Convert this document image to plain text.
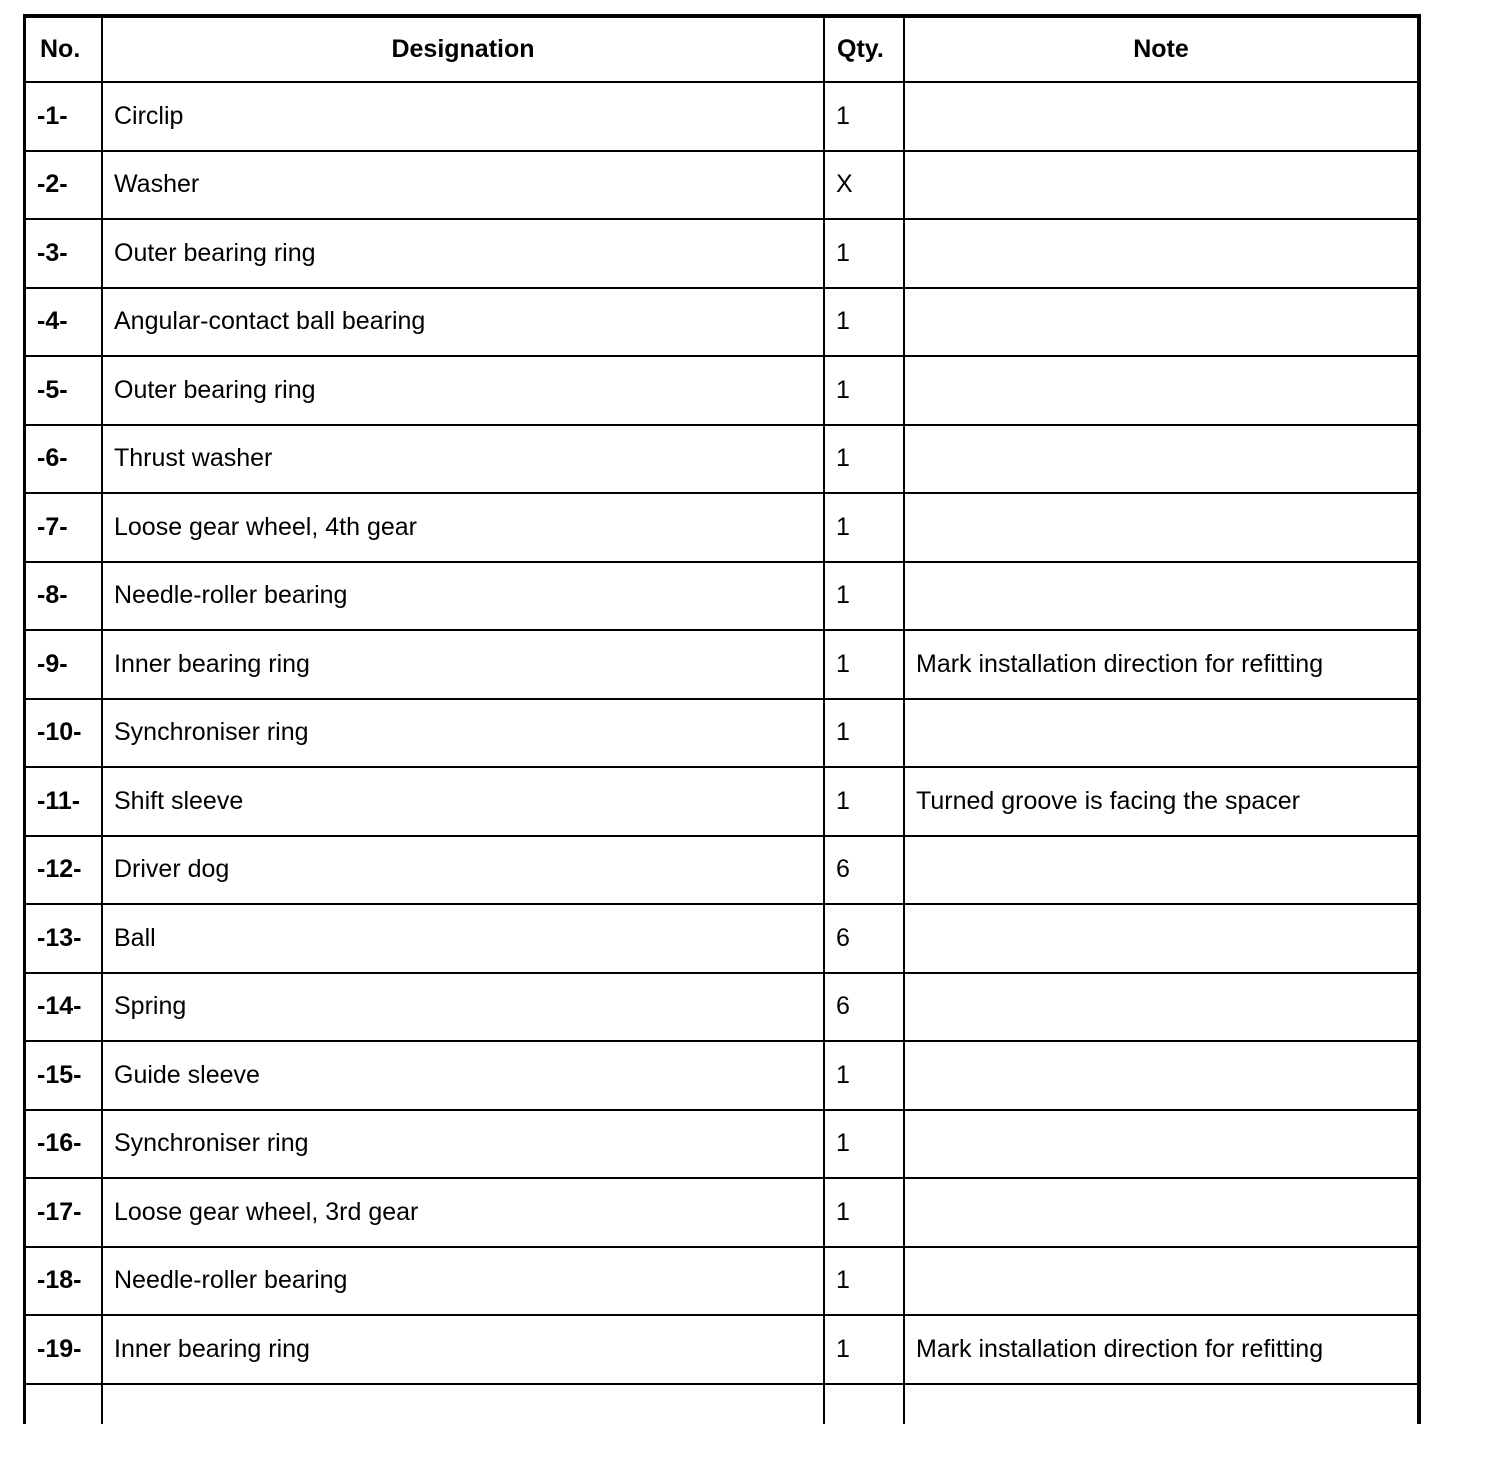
No.	Designation	Qty.	Note
-1-	Circlip	1	
-2-	Washer	X	
-3-	Outer bearing ring	1	
-4-	Angular-contact ball bearing	1	
-5-	Outer bearing ring	1	
-6-	Thrust washer	1	
-7-	Loose gear wheel, 4th gear	1	
-8-	Needle-roller bearing	1	
-9-	Inner bearing ring	1	Mark installation direction for refitting
-10-	Synchroniser ring	1	
-11-	Shift sleeve	1	Turned groove is facing the spacer
-12-	Driver dog	6	
-13-	Ball	6	
-14-	Spring	6	
-15-	Guide sleeve	1	
-16-	Synchroniser ring	1	
-17-	Loose gear wheel, 3rd gear	1	
-18-	Needle-roller bearing	1	
-19-	Inner bearing ring	1	Mark installation direction for refitting
